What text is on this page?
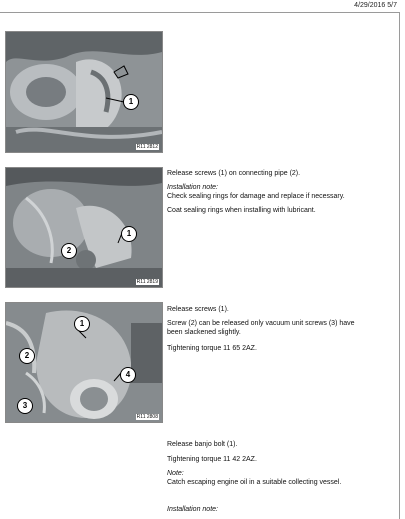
4/29/2016 5/7
1
R11 2812
1
2
R11 2819
1
2
3
4
R11 2808

Release screws (1) on connecting pipe (2).

Installation note:

Check sealing rings for damage and replace if necessary.

Coat sealing rings when installing with lubricant.

Release screws (1).

Screw (2) can be released only vacuum unit screws (3) have

been slackened slightly.

Tightening torque 11 65 2AZ.

Release banjo bolt (1).

Tightening torque 11 42 2AZ.

Note:

Catch escaping engine oil in a suitable collecting vessel.

Installation note:
